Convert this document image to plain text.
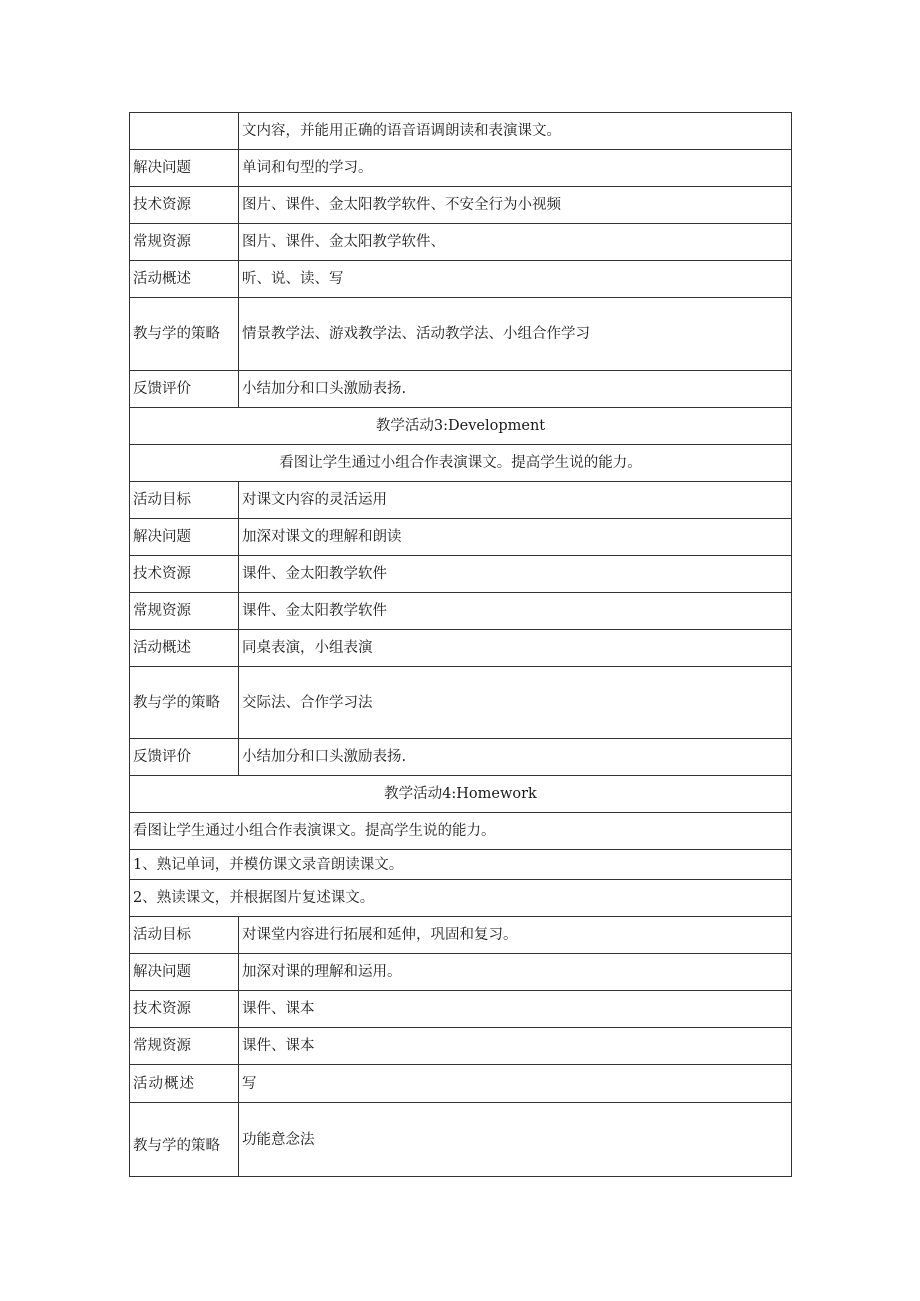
	文内容，并能用正确的语音语调朗读和表演课文。
解决问题	单词和句型的学习。
技术资源	图片、课件、金太阳教学软件、不安全行为小视频
常规资源	图片、课件、金太阳教学软件、
活动概述	听、说、读、写
教与学的策略	情景教学法、游戏教学法、活动教学法、小组合作学习
反馈评价	小结加分和口头激励表扬.
教学活动3:Development	
看图让学生通过小组合作表演课文。提高学生说的能力。	
活动目标	对课文内容的灵活运用
解决问题	加深对课文的理解和朗读
技术资源	课件、金太阳教学软件
常规资源	课件、金太阳教学软件
活动概述	同桌表演，小组表演
教与学的策略	交际法、合作学习法
反馈评价	小结加分和口头激励表扬.
教学活动4:Homework	
看图让学生通过小组合作表演课文。提高学生说的能力。	
1、熟记单词，并模仿课文录音朗读课文。	
2、熟读课文，并根据图片复述课文。	
活动目标	对课堂内容进行拓展和延伸，巩固和复习。
解决问题	加深对课的理解和运用。
技术资源	课件、课本
常规资源	课件、课本
活动概述	写
教与学的策略	功能意念法
